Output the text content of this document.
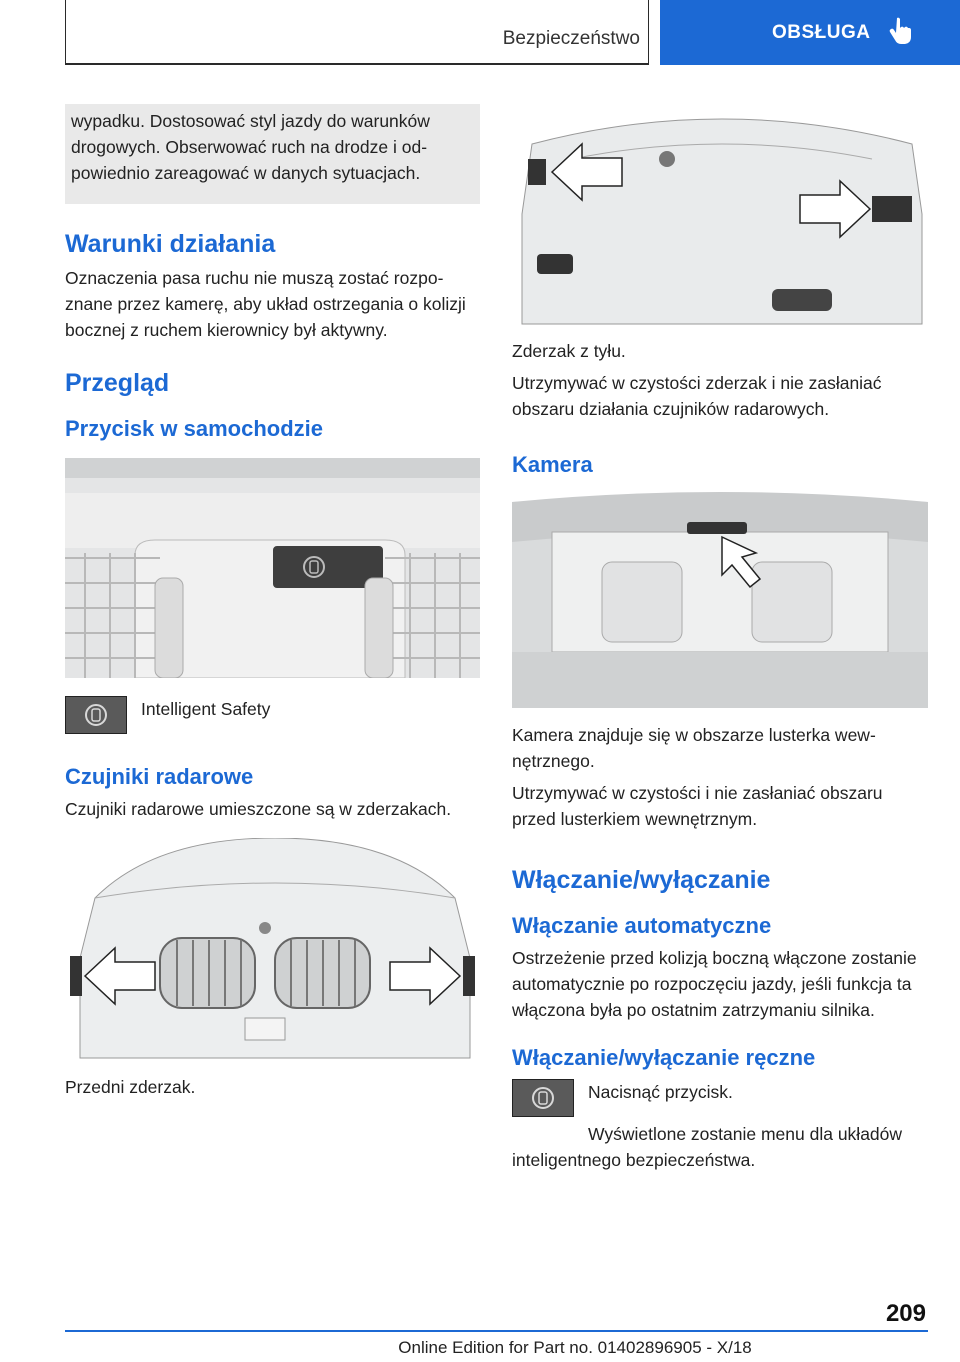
Bezpieczeństwo	OBSŁUGA

wypadku. Dostosować styl jazdy do warunków drogowych. Obserwować ruch na drodze i odpowiednio zareagować w danych sytuacjach.

Warunki działania

Oznaczenia pasa ruchu nie muszą zostać rozpoznane przez kamerę, aby układ ostrzegania o kolizji bocznej z ruchem kierownicy był aktywny.

Przegląd
Przycisk w samochodzie

Intelligent Safety

Czujniki radarowe

Czujniki radarowe umieszczone są w zderzakach.

Przedni zderzak.

Zderzak z tyłu.

Utrzymywać w czystości zderzak i nie zasłaniać obszaru działania czujników radarowych.

Kamera

Kamera znajduje się w obszarze lusterka wewnętrznego.

Utrzymywać w czystości i nie zasłaniać obszaru przed lusterkiem wewnętrznym.

Włączanie/wyłączanie
Włączanie automatyczne

Ostrzeżenie przed kolizją boczną włączone zostanie automatycznie po rozpoczęciu jazdy, jeśli funkcja ta włączona była po ostatnim zatrzymaniu silnika.

Włączanie/wyłączanie ręczne

Nacisnąć przycisk.

Wyświetlone zostanie menu dla układów inteligentnego bezpieczeństwa.

209
Online Edition for Part no. 01402896905 - X/18
